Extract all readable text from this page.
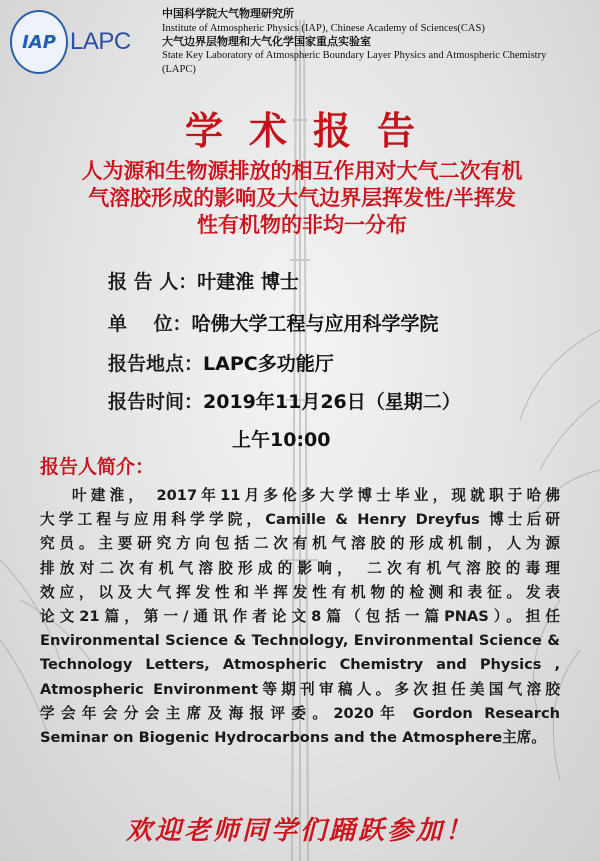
IAP LAPC
中国科学院大气物理研究所
Institute of Atmospheric Physics (IAP), Chinese Academy of Sciences(CAS)
大气边界层物理和大气化学国家重点实验室
State Key Laboratory of Atmospheric Boundary Layer Physics and Atmospheric Chemistry
(LAPC)
学术报告
人为源和生物源排放的相互作用对大气二次有机
气溶胶形成的影响及大气边界层挥发性/半挥发
性有机物的非均一分布
报 告 人：叶建淮 博士
单    位：哈佛大学工程与应用科学学院
报告地点：LAPC多功能厅
报告时间：2019年11月26日（星期二）
上午10:00
报告人简介：
叶建淮， 2017年11月多伦多大学博士毕业，现就职于哈佛
大学工程与应用科学学院，Camille & Henry Dreyfus 博士后研
究员。主要研究方向包括二次有机气溶胶的形成机制，人为源
排放对二次有机气溶胶形成的影响， 二次有机气溶胶的毒理
效应，以及大气挥发性和半挥发性有机物的检测和表征。发表
论文21篇，第一/通讯作者论文8篇（包括一篇PNAS）。担任
Environmental Science & Technology, Environmental Science &
Technology Letters, Atmospheric Chemistry and Physics ,
Atmospheric Environment等期刊审稿人。多次担任美国气溶胶
学会年会分会主席及海报评委。2020年 Gordon Research
Seminar on Biogenic Hydrocarbons and the Atmosphere主席。
欢迎老师同学们踊跃参加！
